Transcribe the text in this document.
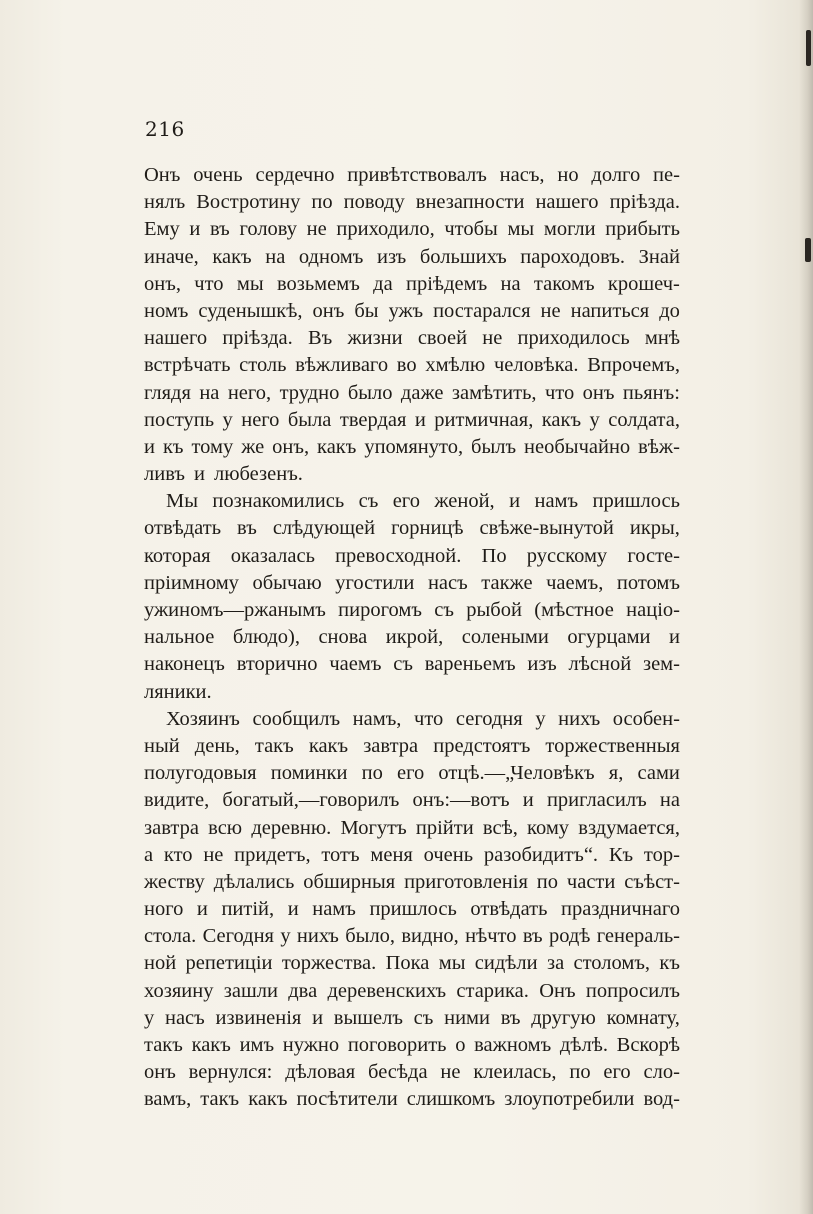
216
Онъ очень сердечно привѣтствовалъ насъ, но долго пе-
нялъ Востротину по поводу внезапности нашего пріѣзда.
Ему и въ голову не приходило, чтобы мы могли прибыть
иначе, какъ на одномъ изъ большихъ пароходовъ. Знай
онъ, что мы возьмемъ да пріѣдемъ на такомъ крошеч-
номъ суденышкѣ, онъ бы ужъ постарался не напиться до
нашего пріѣзда. Въ жизни своей не приходилось мнѣ
встрѣчать столь вѣжливаго во хмѣлю человѣка. Впрочемъ,
глядя на него, трудно было даже замѣтить, что онъ пьянъ:
поступь у него была твердая и ритмичная, какъ у солдата,
и къ тому же онъ, какъ упомянуто, былъ необычайно вѣж-
ливъ и любезенъ.
Мы познакомились съ его женой, и намъ пришлось
отвѣдать въ слѣдующей горницѣ свѣже-вынутой икры,
которая оказалась превосходной. По русскому госте-
пріимному обычаю угостили насъ также чаемъ, потомъ
ужиномъ—ржанымъ пирогомъ съ рыбой (мѣстное націо-
нальное блюдо), снова икрой, солеными огурцами и
наконецъ вторично чаемъ съ вареньемъ изъ лѣсной зем-
ляники.
Хозяинъ сообщилъ намъ, что сегодня у нихъ особен-
ный день, такъ какъ завтра предстоятъ торжественныя
полугодовыя поминки по его отцѣ.—„Человѣкъ я, сами
видите, богатый,—говорилъ онъ:—вотъ и пригласилъ на
завтра всю деревню. Могутъ прійти всѣ, кому вздумается,
а кто не придетъ, тотъ меня очень разобидитъ“. Къ тор-
жеству дѣлались обширныя приготовленія по части съѣст-
ного и питій, и намъ пришлось отвѣдать праздничнаго
стола. Сегодня у нихъ было, видно, нѣчто въ родѣ генераль-
ной репетиціи торжества. Пока мы сидѣли за столомъ, къ
хозяину зашли два деревенскихъ старика. Онъ попросилъ
у насъ извиненія и вышелъ съ ними въ другую комнату,
такъ какъ имъ нужно поговорить о важномъ дѣлѣ. Вскорѣ
онъ вернулся: дѣловая бесѣда не клеилась, по его сло-
вамъ, такъ какъ посѣтители слишкомъ злоупотребили вод-
